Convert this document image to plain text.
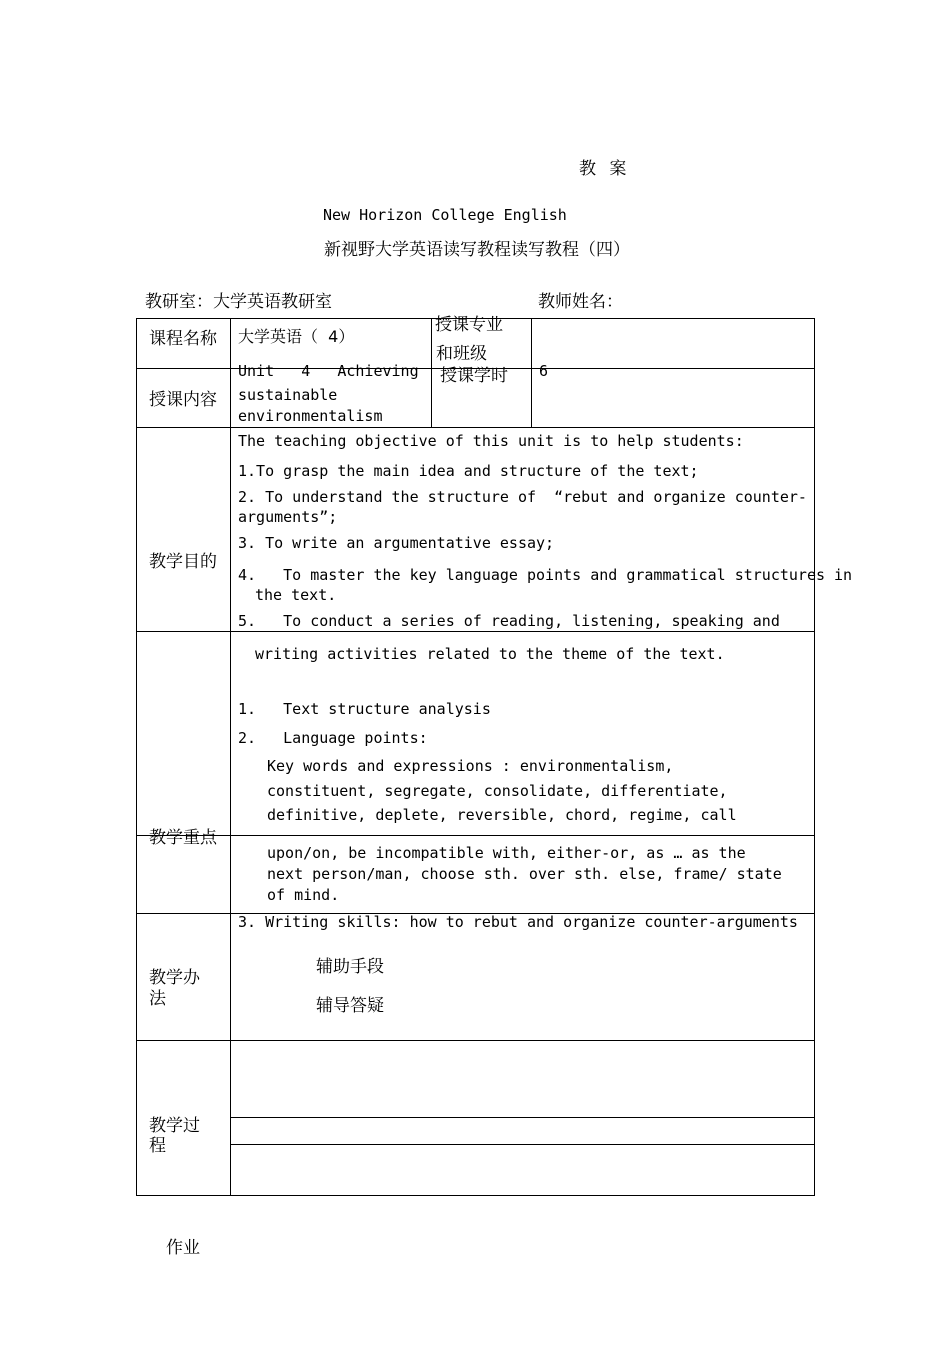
教 案
New Horizon College English
新视野大学英语读写教程读写教程（四）
教研室：大学英语教研室	教师姓名：
课程名称 大学英语（  4）
授课专业
和班级
授课内容
Unit   4   Achieving
sustainable
environmentalism
授课学时 6
教学目的
The teaching objective of this unit is to help students:
1.To grasp the main idea and structure of the text;
2. To understand the structure of  “rebut and organize counter-
arguments”;
3. To write an argumentative essay;
4.   To master the key language points and grammatical structures in
the text.
5.   To conduct a series of reading, listening, speaking and
writing activities related to the theme of the text.
1.   Text structure analysis
2.   Language points:
Key words and expressions : environmentalism,
constituent, segregate, consolidate, differentiate,
definitive, deplete, reversible, chord, regime, call
教学重点
upon/on, be incompatible with, either-or, as … as the
next person/man, choose sth. over sth. else, frame/ state
of mind.
3. Writing skills: how to rebut and organize counter-arguments
教学办
法
辅助手段
辅导答疑
教学过
程
作业
